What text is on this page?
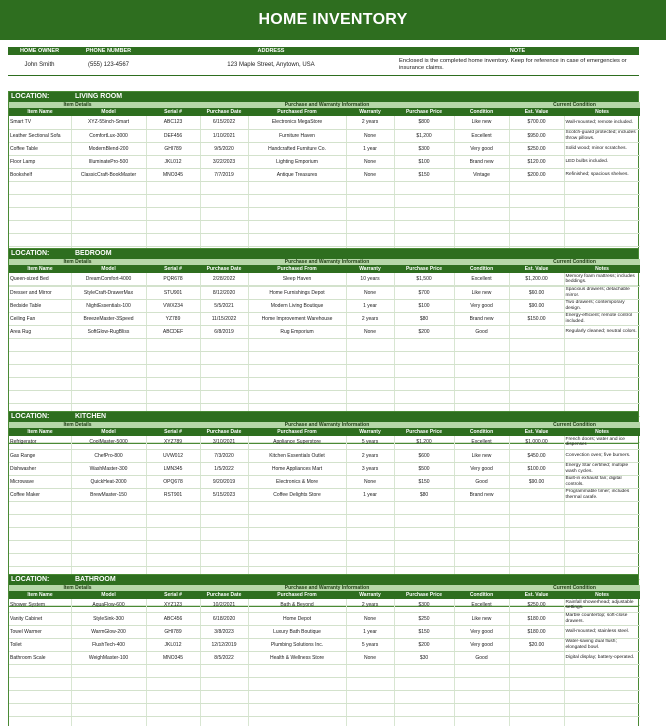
HOME INVENTORY
HOME OWNER	PHONE NUMBER	ADDRESS	NOTE
John Smith	(555) 123-4567	123 Maple Street, Anytown, USA	Enclosed is the completed home inventory. Keep for reference in case of emergencies or insurance claims.
LOCATION:	LIVING ROOM
Item Details			Purchase and Warranty Information					Current Condition	
Item Name	Model	Serial #	Purchase Date	Purchased From	Warranty	Purchase Price	Condition	Est. Value	Notes
Smart TV	XYZ-55inch-Smart	ABC123	6/15/2022	Electronics MegaStore	2 years	$800	Like new	$700.00	Wall-mounted; remote included.
Leather Sectional Sofa	ComfortLux-3000	DEF456	1/10/2021	Furniture Haven	None	$1,200	Excellent	$950.00	Scotch-guard protected; includes throw pillows.
Coffee Table	ModernBlend-200	GHI789	9/5/2020	Handcrafted Furniture Co.	1 year	$300	Very good	$250.00	Solid wood; minor scratches.
Floor Lamp	IlluminatePro-500	JKL012	3/22/2023	Lighting Emporium	None	$100	Brand new	$120.00	LED bulbs included.
Bookshelf	ClassicCraft-BookMaster	MNO345	7/7/2019	Antique Treasures	None	$150	Vintage	$200.00	Refinished; spacious shelves.

LOCATION:	BEDROOM
Item Details			Purchase and Warranty Information					Current Condition	
Item Name	Model	Serial #	Purchase Date	Purchased From	Warranty	Purchase Price	Condition	Est. Value	Notes
Queen-sized Bed	DreamComfort-4000	PQR678	2/28/2022	Sleep Haven	10 years	$1,500	Excellent	$1,200.00	Memory foam mattress; includes beddings.
Dresser and Mirror	StyleCraft-DrawerMax	STU901	8/12/2020	Home Furnishings Depot	None	$700	Like new	$60.00	Spacious drawers; detachable mirror.
Bedside Table	NightEssentials-100	VWX234	5/5/2021	Modern Living Boutique	1 year	$100	Very good	$90.00	Two drawers; contemporary design.
Ceiling Fan	BreezeMaster-3Speed	YZ789	11/15/2022	Home Improvement Warehouse	2 years	$80	Brand new	$150.00	Energy-efficient; remote control included.
Area Rug	SoftGlow-RugBliss	ABCDEF	6/8/2019	Rug Emporium	None	$200	Good		Regularly cleaned; neutral colors.

LOCATION:	KITCHEN
Item Details			Purchase and Warranty Information					Current Condition	
Item Name	Model	Serial #	Purchase Date	Purchased From	Warranty	Purchase Price	Condition	Est. Value	Notes
Refrigerator	CoolMaster-5000	XYZ789	3/10/2021	Appliance Superstore	5 years	$1,200	Excellent	$1,000.00	French doors; water and ice dispenser.
Gas Range	ChefPro-800	UVW012	7/3/2020	Kitchen Essentials Outlet	2 years	$600	Like new	$450.00	Convection oven; five burners.
Dishwasher	WashMaster-300	LMN345	1/5/2022	Home Appliances Mart	3 years	$500	Very good	$100.00	Energy Star certified; multiple wash cycles.
Microwave	QuickHeat-2000	OPQ678	9/20/2019	Electronics & More	None	$150	Good	$90.00	Built-in exhaust fan; digital controls.
Coffee Maker	BrewMaster-150	RST901	5/15/2023	Coffee Delights Store	1 year	$80	Brand new		Programmable timer; includes thermal carafe.

LOCATION:	BATHROOM
Item Details			Purchase and Warranty Information					Current Condition	
Item Name	Model	Serial #	Purchase Date	Purchased From	Warranty	Purchase Price	Condition	Est. Value	Notes
Shower System	AquaFlow-600	XYZ123	10/2/2021	Bath & Beyond	2 years	$300	Excellent	$250.00	Rainfall showerhead; adjustable settings.
Vanity Cabinet	StyleSink-300	ABC456	6/18/2020	Home Depot	None	$250	Like new	$180.00	Marble countertop; soft-close drawers.
Towel Warmer	WarmGlow-200	GHI789	3/8/2023	Luxury Bath Boutique	1 year	$150	Very good	$180.00	Wall-mounted; stainless steel.
Toilet	FlushTech-400	JKL012	12/12/2019	Plumbing Solutions Inc.	5 years	$200	Very good	$20.00	Water-saving dual flush; elongated bowl.
Bathroom Scale	WeighMaster-100	MNO345	8/5/2022	Health & Wellness Store	None	$30	Good		Digital display; battery-operated.
